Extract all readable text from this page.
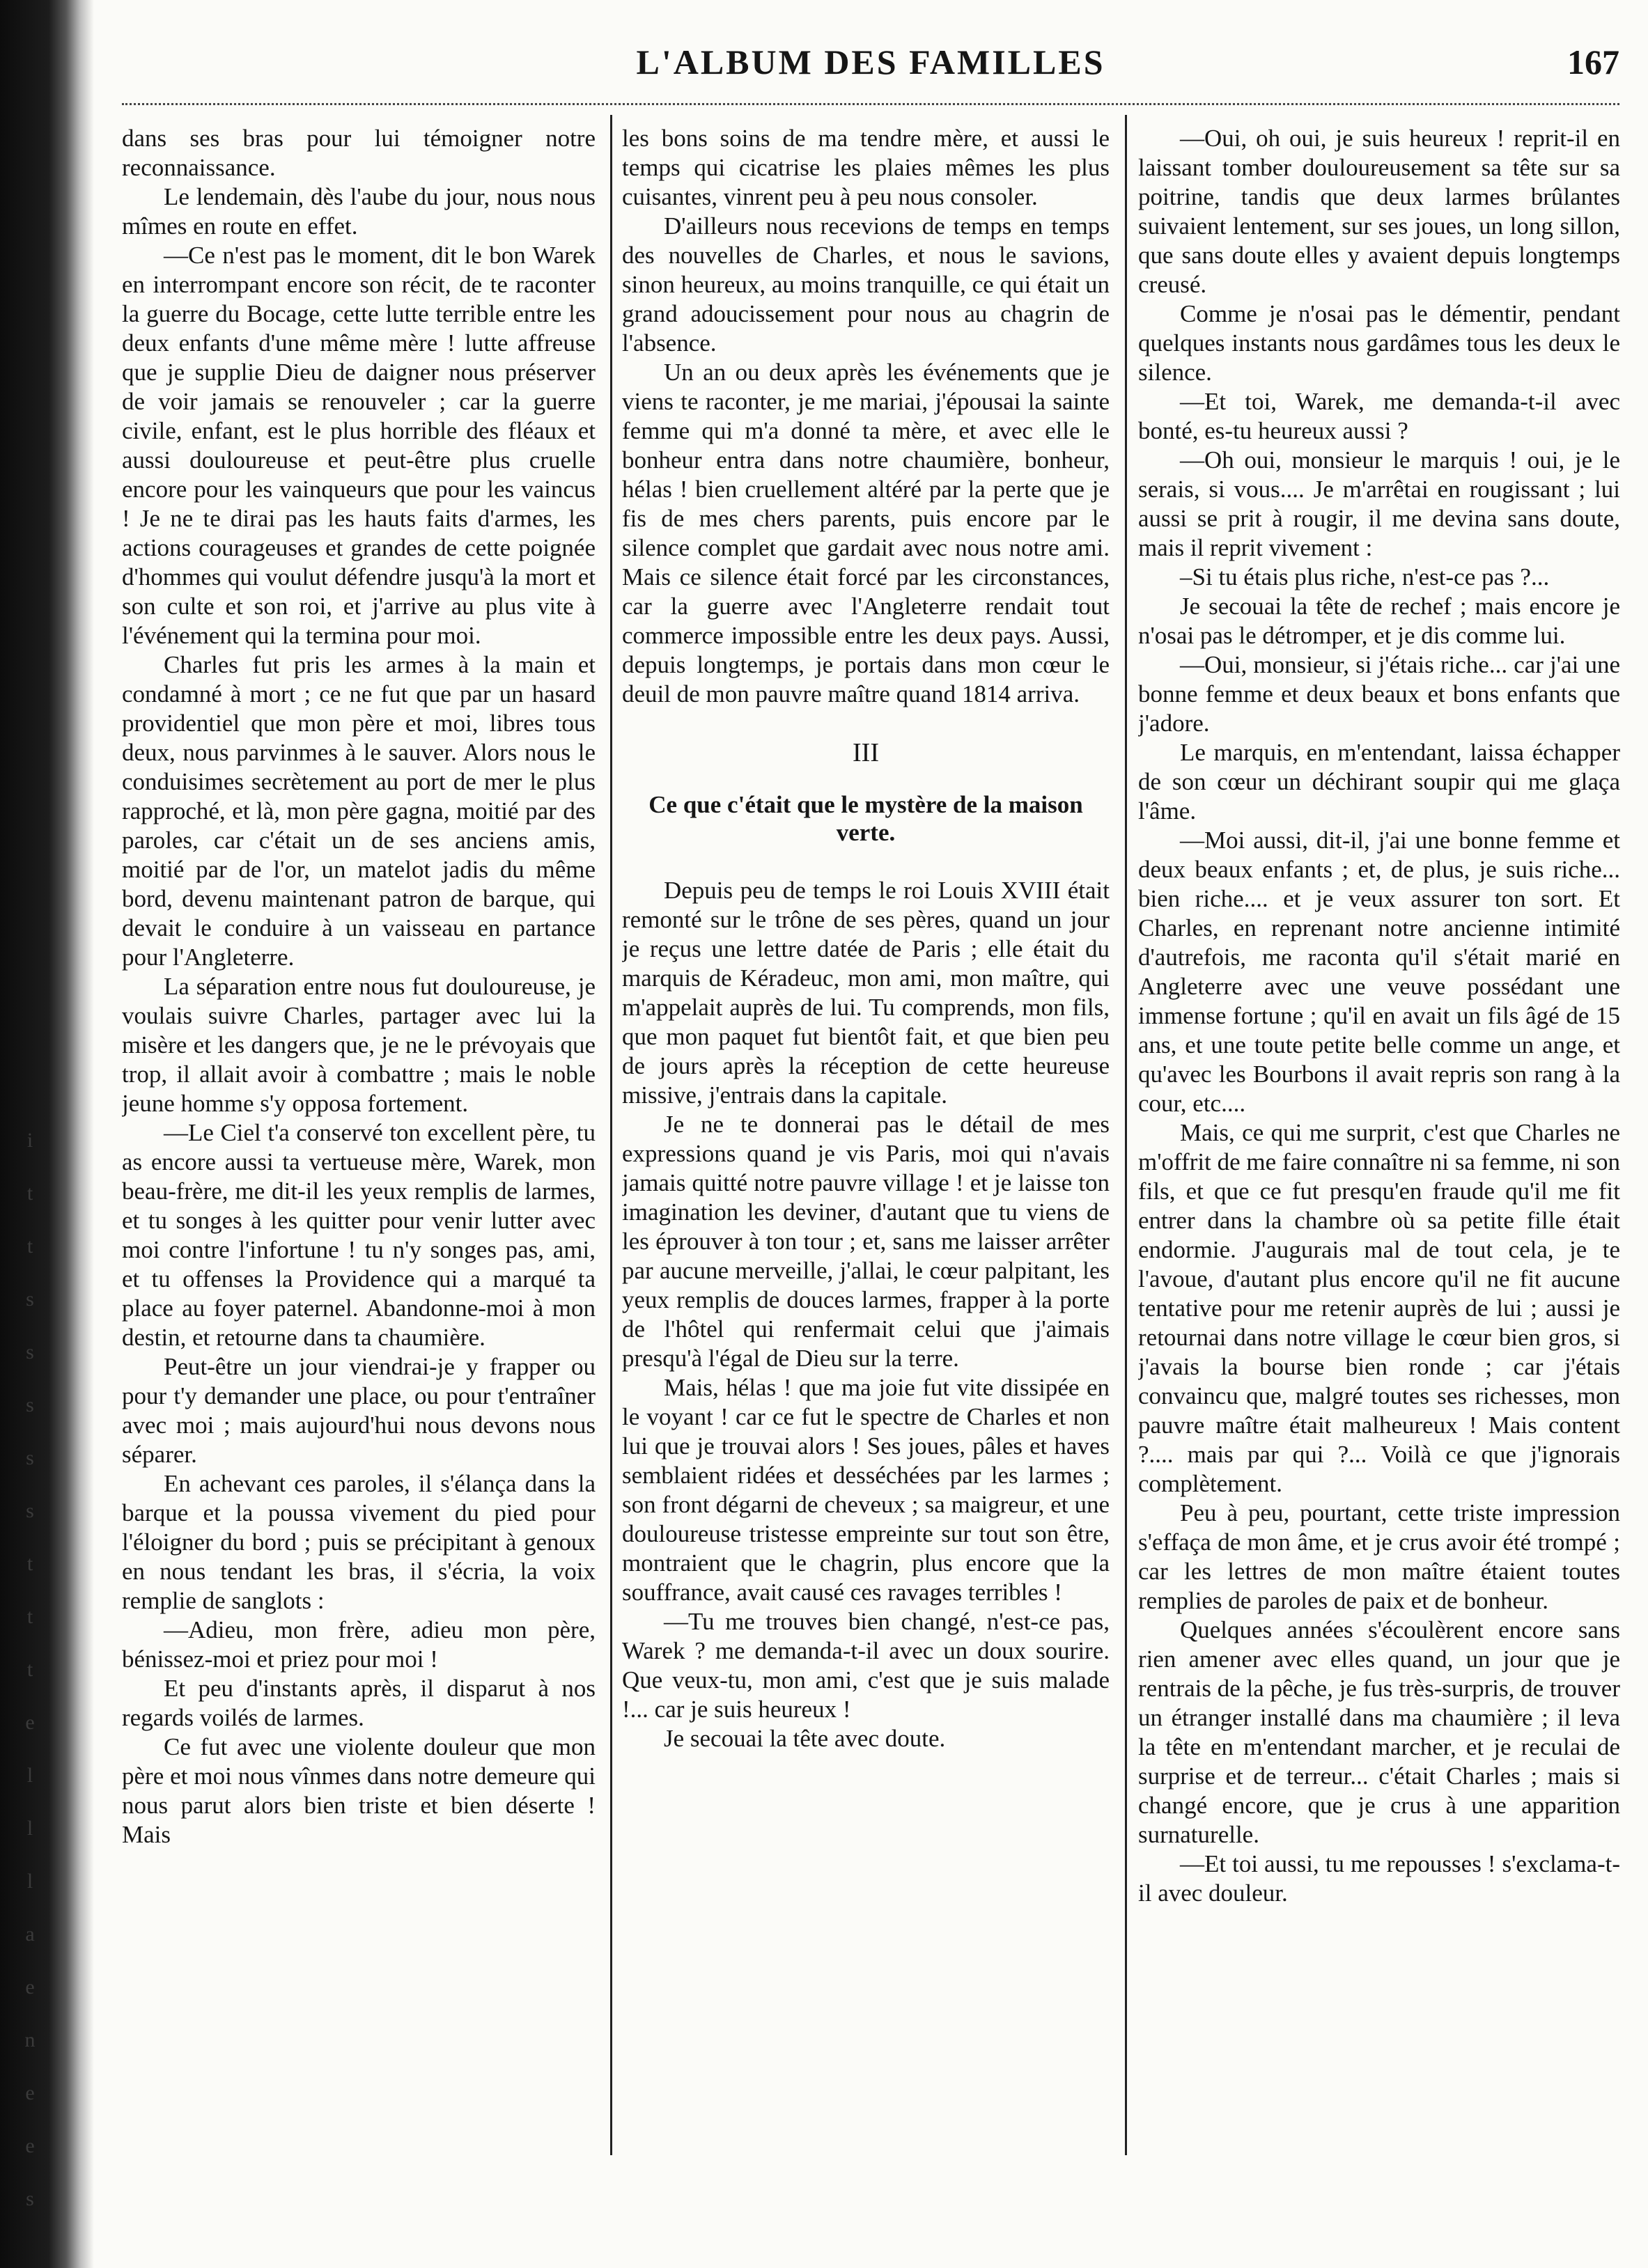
i
t
t
s
s
s
s
s
t
t
t
e
l
l
l
a
e
n
e
e
s
L'ALBUM DES FAMILLES	167

dans ses bras pour lui témoigner notre reconnaissance.

Le lendemain, dès l'aube du jour, nous nous mîmes en route en effet.

—Ce n'est pas le moment, dit le bon Warek en interrompant encore son récit, de te raconter la guerre du Bocage, cette lutte terrible entre les deux enfants d'une même mère ! lutte affreuse que je supplie Dieu de daigner nous préserver de voir jamais se renouveler ; car la guerre civile, enfant, est le plus horrible des fléaux et aussi douloureuse et peut-être plus cruelle encore pour les vainqueurs que pour les vaincus ! Je ne te dirai pas les hauts faits d'armes, les actions courageuses et grandes de cette poignée d'hommes qui voulut défendre jusqu'à la mort et son culte et son roi, et j'arrive au plus vite à l'événement qui la termina pour moi.

Charles fut pris les armes à la main et condamné à mort ; ce ne fut que par un hasard providentiel que mon père et moi, libres tous deux, nous parvinmes à le sauver. Alors nous le conduisimes secrètement au port de mer le plus rapproché, et là, mon père gagna, moitié par des paroles, car c'était un de ses anciens amis, moitié par de l'or, un matelot jadis du même bord, devenu maintenant patron de barque, qui devait le conduire à un vaisseau en partance pour l'Angleterre.

La séparation entre nous fut douloureuse, je voulais suivre Charles, partager avec lui la misère et les dangers que, je ne le prévoyais que trop, il allait avoir à combattre ; mais le noble jeune homme s'y opposa fortement.

—Le Ciel t'a conservé ton excellent père, tu as encore aussi ta vertueuse mère, Warek, mon beau-frère, me dit-il les yeux remplis de larmes, et tu songes à les quitter pour venir lutter avec moi contre l'infortune ! tu n'y songes pas, ami, et tu offenses la Providence qui a marqué ta place au foyer paternel. Abandonne-moi à mon destin, et retourne dans ta chaumière.

Peut-être un jour viendrai-je y frapper ou pour t'y demander une place, ou pour t'entraîner avec moi ; mais aujourd'hui nous devons nous séparer.

En achevant ces paroles, il s'élança dans la barque et la poussa vivement du pied pour l'éloigner du bord ; puis se précipitant à genoux en nous tendant les bras, il s'écria, la voix remplie de sanglots :

—Adieu, mon frère, adieu mon père, bénissez-moi et priez pour moi !

Et peu d'instants après, il disparut à nos regards voilés de larmes.

Ce fut avec une violente douleur que mon père et moi nous vînmes dans notre demeure qui nous parut alors bien triste et bien déserte ! Mais

les bons soins de ma tendre mère, et aussi le temps qui cicatrise les plaies mêmes les plus cuisantes, vinrent peu à peu nous consoler.

D'ailleurs nous recevions de temps en temps des nouvelles de Charles, et nous le savions, sinon heureux, au moins tranquille, ce qui était un grand adoucissement pour nous au chagrin de l'absence.

Un an ou deux après les événements que je viens te raconter, je me mariai, j'épousai la sainte femme qui m'a donné ta mère, et avec elle le bonheur entra dans notre chaumière, bonheur, hélas ! bien cruellement altéré par la perte que je fis de mes chers parents, puis encore par le silence complet que gardait avec nous notre ami. Mais ce silence était forcé par les circonstances, car la guerre avec l'Angleterre rendait tout commerce impossible entre les deux pays. Aussi, depuis longtemps, je portais dans mon cœur le deuil de mon pauvre maître quand 1814 arriva.

III
Ce que c'était que le mystère de la maison verte.

Depuis peu de temps le roi Louis XVIII était remonté sur le trône de ses pères, quand un jour je reçus une lettre datée de Paris ; elle était du marquis de Kéradeuc, mon ami, mon maître, qui m'appelait auprès de lui. Tu comprends, mon fils, que mon paquet fut bientôt fait, et que bien peu de jours après la réception de cette heureuse missive, j'entrais dans la capitale.

Je ne te donnerai pas le détail de mes expressions quand je vis Paris, moi qui n'avais jamais quitté notre pauvre village ! et je laisse ton imagination les deviner, d'autant que tu viens de les éprouver à ton tour ; et, sans me laisser arrêter par aucune merveille, j'allai, le cœur palpitant, les yeux remplis de douces larmes, frapper à la porte de l'hôtel qui renfermait celui que j'aimais presqu'à l'égal de Dieu sur la terre.

Mais, hélas ! que ma joie fut vite dissipée en le voyant ! car ce fut le spectre de Charles et non lui que je trouvai alors ! Ses joues, pâles et haves semblaient ridées et desséchées par les larmes ; son front dégarni de cheveux ; sa maigreur, et une douloureuse tristesse empreinte sur tout son être, montraient que le chagrin, plus encore que la souffrance, avait causé ces ravages terribles !

—Tu me trouves bien changé, n'est-ce pas, Warek ? me demanda-t-il avec un doux sourire. Que veux-tu, mon ami, c'est que je suis malade !... car je suis heureux !

Je secouai la tête avec doute.

—Oui, oh oui, je suis heureux ! reprit-il en laissant tomber douloureusement sa tête sur sa poitrine, tandis que deux larmes brûlantes suivaient lentement, sur ses joues, un long sillon, que sans doute elles y avaient depuis longtemps creusé.

Comme je n'osai pas le démentir, pendant quelques instants nous gardâmes tous les deux le silence.

—Et toi, Warek, me demanda-t-il avec bonté, es-tu heureux aussi ?

—Oh oui, monsieur le marquis ! oui, je le serais, si vous.... Je m'arrêtai en rougissant ; lui aussi se prit à rougir, il me devina sans doute, mais il reprit vivement :

–Si tu étais plus riche, n'est-ce pas ?...

Je secouai la tête de rechef ; mais encore je n'osai pas le détromper, et je dis comme lui.

—Oui, monsieur, si j'étais riche... car j'ai une bonne femme et deux beaux et bons enfants que j'adore.

Le marquis, en m'entendant, laissa échapper de son cœur un déchirant soupir qui me glaça l'âme.

—Moi aussi, dit-il, j'ai une bonne femme et deux beaux enfants ; et, de plus, je suis riche... bien riche.... et je veux assurer ton sort. Et Charles, en reprenant notre ancienne intimité d'autrefois, me raconta qu'il s'était marié en Angleterre avec une veuve possédant une immense fortune ; qu'il en avait un fils âgé de 15 ans, et une toute petite belle comme un ange, et qu'avec les Bourbons il avait repris son rang à la cour, etc....

Mais, ce qui me surprit, c'est que Charles ne m'offrit de me faire connaître ni sa femme, ni son fils, et que ce fut presqu'en fraude qu'il me fit entrer dans la chambre où sa petite fille était endormie. J'augurais mal de tout cela, je te l'avoue, d'autant plus encore qu'il ne fit aucune tentative pour me retenir auprès de lui ; aussi je retournai dans notre village le cœur bien gros, si j'avais la bourse bien ronde ; car j'étais convaincu que, malgré toutes ses richesses, mon pauvre maître était malheureux ! Mais content ?.... mais par qui ?... Voilà ce que j'ignorais complètement.

Peu à peu, pourtant, cette triste impression s'effaça de mon âme, et je crus avoir été trompé ; car les lettres de mon maître étaient toutes remplies de paroles de paix et de bonheur.

Quelques années s'écoulèrent encore sans rien amener avec elles quand, un jour que je rentrais de la pêche, je fus très-surpris, de trouver un étranger installé dans ma chaumière ; il leva la tête en m'entendant marcher, et je reculai de surprise et de terreur... c'était Charles ; mais si changé encore, que je crus à une apparition surnaturelle.

—Et toi aussi, tu me repousses ! s'exclama-t-il avec douleur.
